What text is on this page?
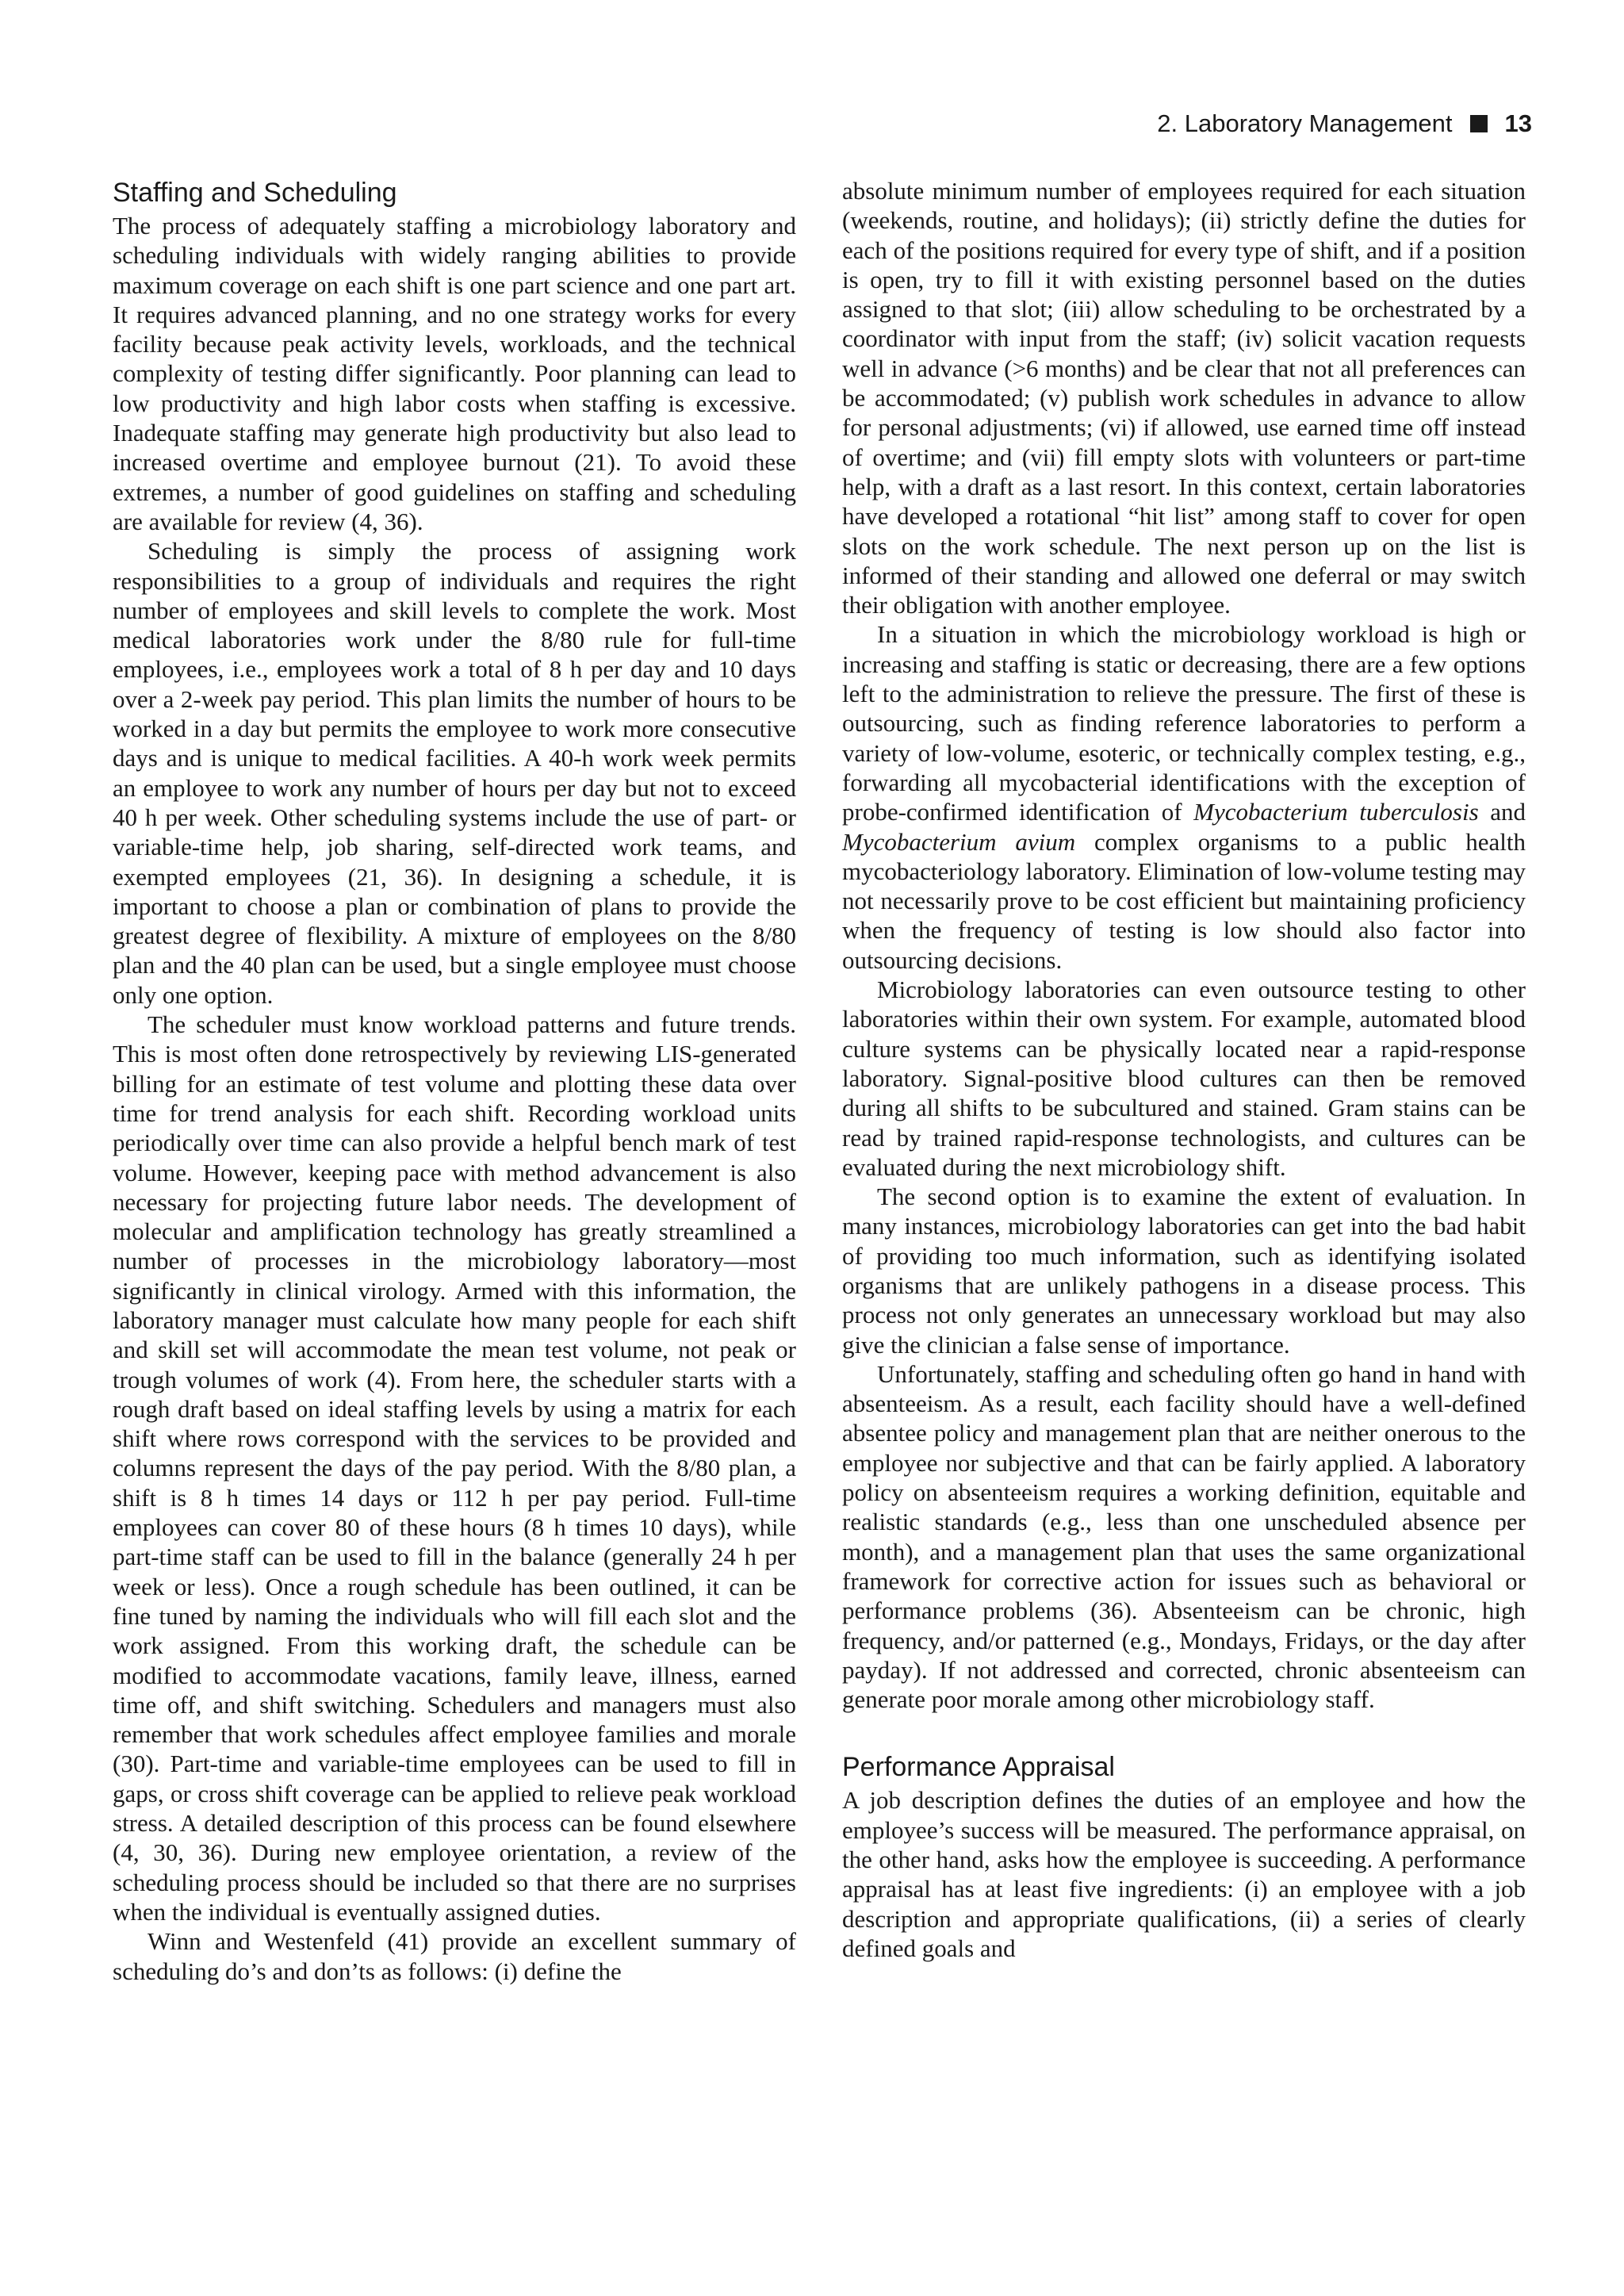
2. Laboratory Management 13
Staffing and Scheduling

The process of adequately staffing a microbiology laboratory and scheduling individuals with widely ranging abilities to provide maximum coverage on each shift is one part science and one part art. It requires advanced planning, and no one strategy works for every facility because peak activity levels, workloads, and the technical complexity of testing differ significantly. Poor planning can lead to low productivity and high labor costs when staffing is excessive. Inadequate staffing may generate high productivity but also lead to increased overtime and employee burnout (21). To avoid these extremes, a number of good guidelines on staffing and scheduling are available for review (4, 36).

Scheduling is simply the process of assigning work responsibilities to a group of individuals and requires the right number of employees and skill levels to complete the work. Most medical laboratories work under the 8/80 rule for full-time employees, i.e., employees work a total of 8 h per day and 10 days over a 2-week pay period. This plan limits the number of hours to be worked in a day but permits the employee to work more consecutive days and is unique to medical facilities. A 40-h work week permits an employee to work any number of hours per day but not to exceed 40 h per week. Other scheduling systems include the use of part- or variable-time help, job sharing, self-directed work teams, and exempted employees (21, 36). In designing a schedule, it is important to choose a plan or combination of plans to provide the greatest degree of flexibility. A mixture of employees on the 8/80 plan and the 40 plan can be used, but a single employee must choose only one option.

The scheduler must know workload patterns and future trends. This is most often done retrospectively by reviewing LIS-generated billing for an estimate of test volume and plotting these data over time for trend analysis for each shift. Recording workload units periodically over time can also provide a helpful bench mark of test volume. However, keeping pace with method advancement is also necessary for projecting future labor needs. The development of molecular and amplification technology has greatly streamlined a number of processes in the microbiology laboratory—most significantly in clinical virology. Armed with this information, the laboratory manager must calculate how many people for each shift and skill set will accommodate the mean test volume, not peak or trough volumes of work (4). From here, the scheduler starts with a rough draft based on ideal staffing levels by using a matrix for each shift where rows correspond with the services to be provided and columns represent the days of the pay period. With the 8/80 plan, a shift is 8 h times 14 days or 112 h per pay period. Full-time employees can cover 80 of these hours (8 h times 10 days), while part-time staff can be used to fill in the balance (generally 24 h per week or less). Once a rough schedule has been outlined, it can be fine tuned by naming the individuals who will fill each slot and the work assigned. From this working draft, the schedule can be modified to accommodate vacations, family leave, illness, earned time off, and shift switching. Schedulers and managers must also remember that work schedules affect employee families and morale (30). Part-time and variable-time employees can be used to fill in gaps, or cross shift coverage can be applied to relieve peak workload stress. A detailed description of this process can be found elsewhere (4, 30, 36). During new employee orientation, a review of the scheduling process should be included so that there are no surprises when the individual is eventually assigned duties.

Winn and Westenfeld (41) provide an excellent summary of scheduling do’s and don’ts as follows: (i) define the

absolute minimum number of employees required for each situation (weekends, routine, and holidays); (ii) strictly define the duties for each of the positions required for every type of shift, and if a position is open, try to fill it with existing personnel based on the duties assigned to that slot; (iii) allow scheduling to be orchestrated by a coordinator with input from the staff; (iv) solicit vacation requests well in advance (>6 months) and be clear that not all preferences can be accommodated; (v) publish work schedules in advance to allow for personal adjustments; (vi) if allowed, use earned time off instead of overtime; and (vii) fill empty slots with volunteers or part-time help, with a draft as a last resort. In this context, certain laboratories have developed a rotational “hit list” among staff to cover for open slots on the work schedule. The next person up on the list is informed of their standing and allowed one deferral or may switch their obligation with another employee.

In a situation in which the microbiology workload is high or increasing and staffing is static or decreasing, there are a few options left to the administration to relieve the pressure. The first of these is outsourcing, such as finding reference laboratories to perform a variety of low-volume, esoteric, or technically complex testing, e.g., forwarding all mycobacterial identifications with the exception of probe-confirmed identification of Mycobacterium tuberculosis and Mycobacterium avium complex organisms to a public health mycobacteriology laboratory. Elimination of low-volume testing may not necessarily prove to be cost efficient but maintaining proficiency when the frequency of testing is low should also factor into outsourcing decisions.

Microbiology laboratories can even outsource testing to other laboratories within their own system. For example, automated blood culture systems can be physically located near a rapid-response laboratory. Signal-positive blood cultures can then be removed during all shifts to be subcultured and stained. Gram stains can be read by trained rapid-response technologists, and cultures can be evaluated during the next microbiology shift.

The second option is to examine the extent of evaluation. In many instances, microbiology laboratories can get into the bad habit of providing too much information, such as identifying isolated organisms that are unlikely pathogens in a disease process. This process not only generates an unnecessary workload but may also give the clinician a false sense of importance.

Unfortunately, staffing and scheduling often go hand in hand with absenteeism. As a result, each facility should have a well-defined absentee policy and management plan that are neither onerous to the employee nor subjective and that can be fairly applied. A laboratory policy on absenteeism requires a working definition, equitable and realistic standards (e.g., less than one unscheduled absence per month), and a management plan that uses the same organizational framework for corrective action for issues such as behavioral or performance problems (36). Absenteeism can be chronic, high frequency, and/or patterned (e.g., Mondays, Fridays, or the day after payday). If not addressed and corrected, chronic absenteeism can generate poor morale among other microbiology staff.

Performance Appraisal

A job description defines the duties of an employee and how the employee’s success will be measured. The performance appraisal, on the other hand, asks how the employee is succeeding. A performance appraisal has at least five ingredients: (i) an employee with a job description and appropriate qualifications, (ii) a series of clearly defined goals and
